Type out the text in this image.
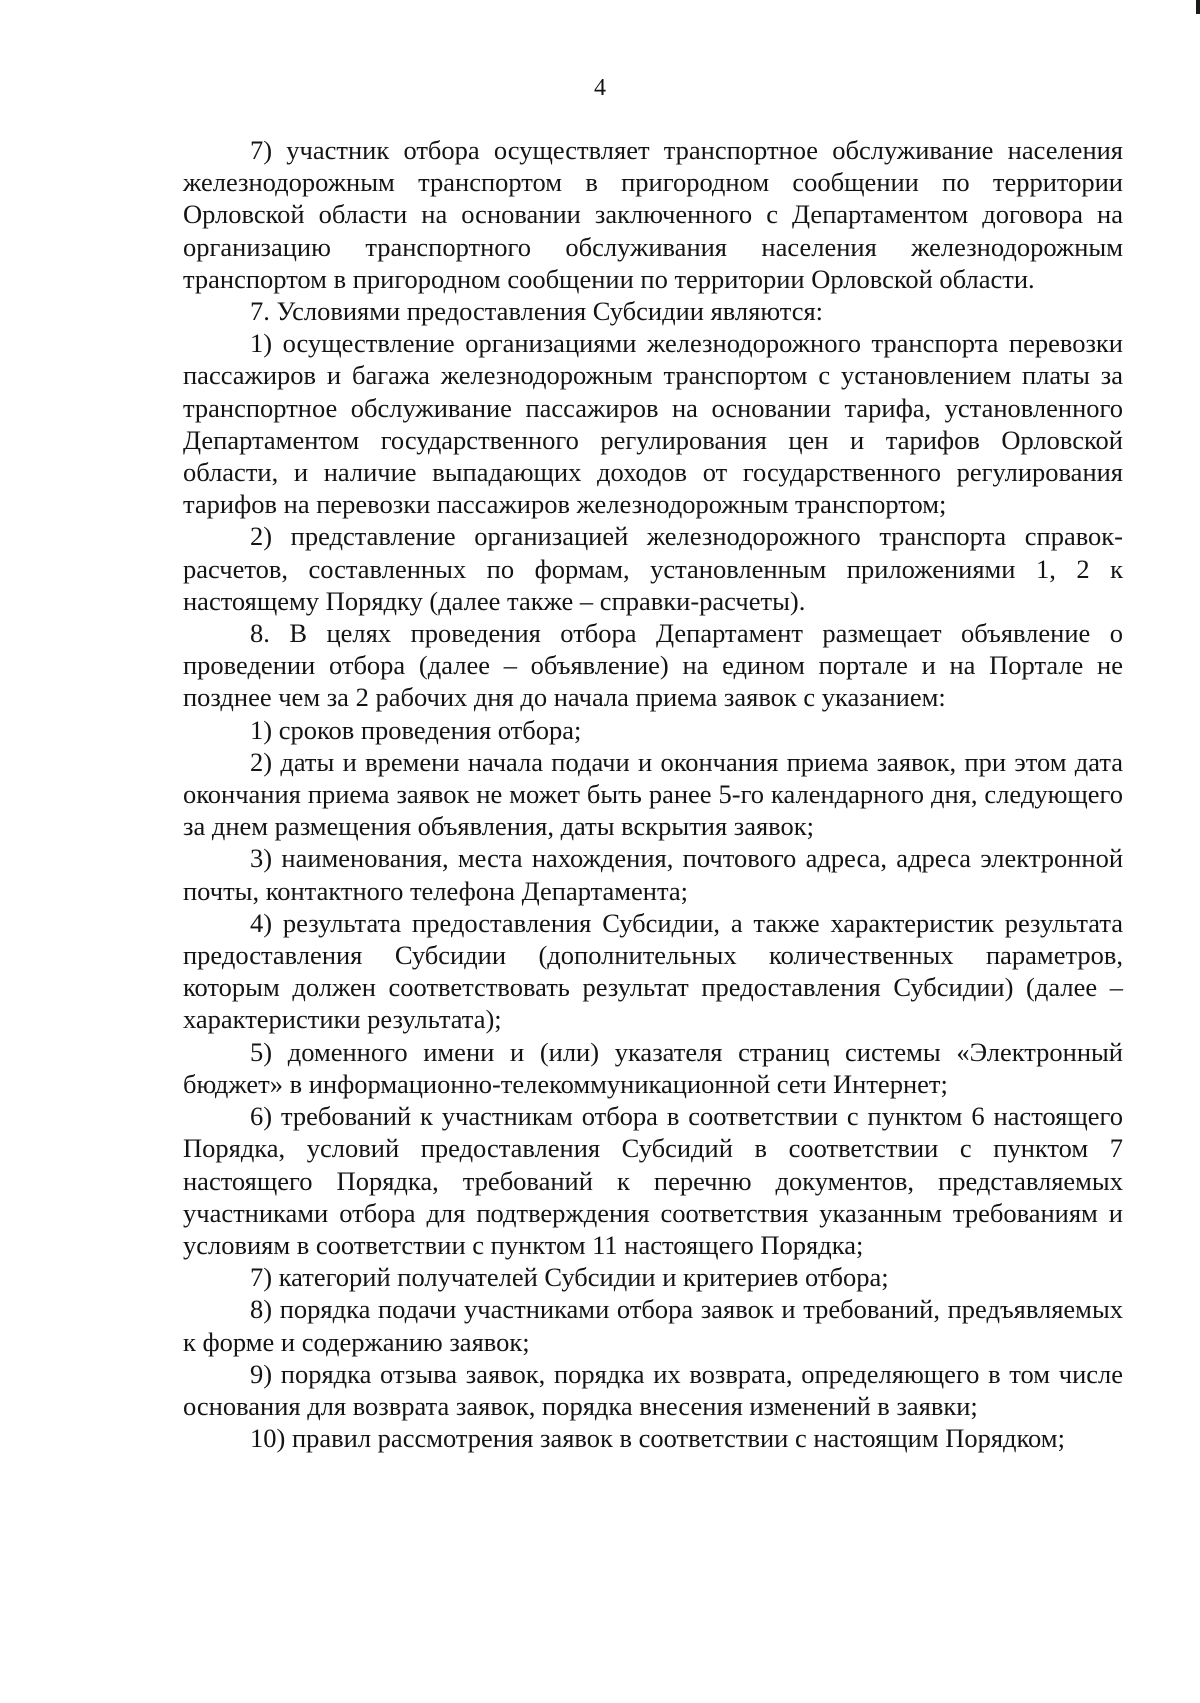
4

7) участник отбора осуществляет транспортное обслуживание населения железнодорожным транспортом в пригородном сообщении по территории Орловской области на основании заключенного с Департаментом договора на организацию транспортного обслуживания населения железнодорожным транспортом в пригородном сообщении по территории Орловской области.

7. Условиями предоставления Субсидии являются:

1) осуществление организациями железнодорожного транспорта перевозки пассажиров и багажа железнодорожным транспортом с установлением платы за транспортное обслуживание пассажиров на основании тарифа, установленного Департаментом государственного регулирования цен и тарифов Орловской области, и наличие выпадающих доходов от государственного регулирования тарифов на перевозки пассажиров железнодорожным транспортом;

2) представление организацией железнодорожного транспорта справок-расчетов, составленных по формам, установленным приложениями 1, 2 к настоящему Порядку (далее также – справки-расчеты).

8. В целях проведения отбора Департамент размещает объявление о проведении отбора (далее – объявление) на едином портале и на Портале не позднее чем за 2 рабочих дня до начала приема заявок с указанием:

1) сроков проведения отбора;

2) даты и времени начала подачи и окончания приема заявок, при этом дата окончания приема заявок не может быть ранее 5-го календарного дня, следующего за днем размещения объявления, даты вскрытия заявок;

3) наименования, места нахождения, почтового адреса, адреса электронной почты, контактного телефона Департамента;

4) результата предоставления Субсидии, а также характеристик результата предоставления Субсидии (дополнительных количественных параметров, которым должен соответствовать результат предоставления Субсидии) (далее – характеристики результата);

5) доменного имени и (или) указателя страниц системы «Электронный бюджет» в информационно-телекоммуникационной сети Интернет;

6) требований к участникам отбора в соответствии с пунктом 6 настоящего Порядка, условий предоставления Субсидий в соответствии с пунктом 7 настоящего Порядка, требований к перечню документов, представляемых участниками отбора для подтверждения соответствия указанным требованиям и условиям в соответствии с пунктом 11 настоящего Порядка;

7) категорий получателей Субсидии и критериев отбора;

8) порядка подачи участниками отбора заявок и требований, предъявляемых к форме и содержанию заявок;

9) порядка отзыва заявок, порядка их возврата, определяющего в том числе основания для возврата заявок, порядка внесения изменений в заявки;

10) правил рассмотрения заявок в соответствии с настоящим Порядком;
